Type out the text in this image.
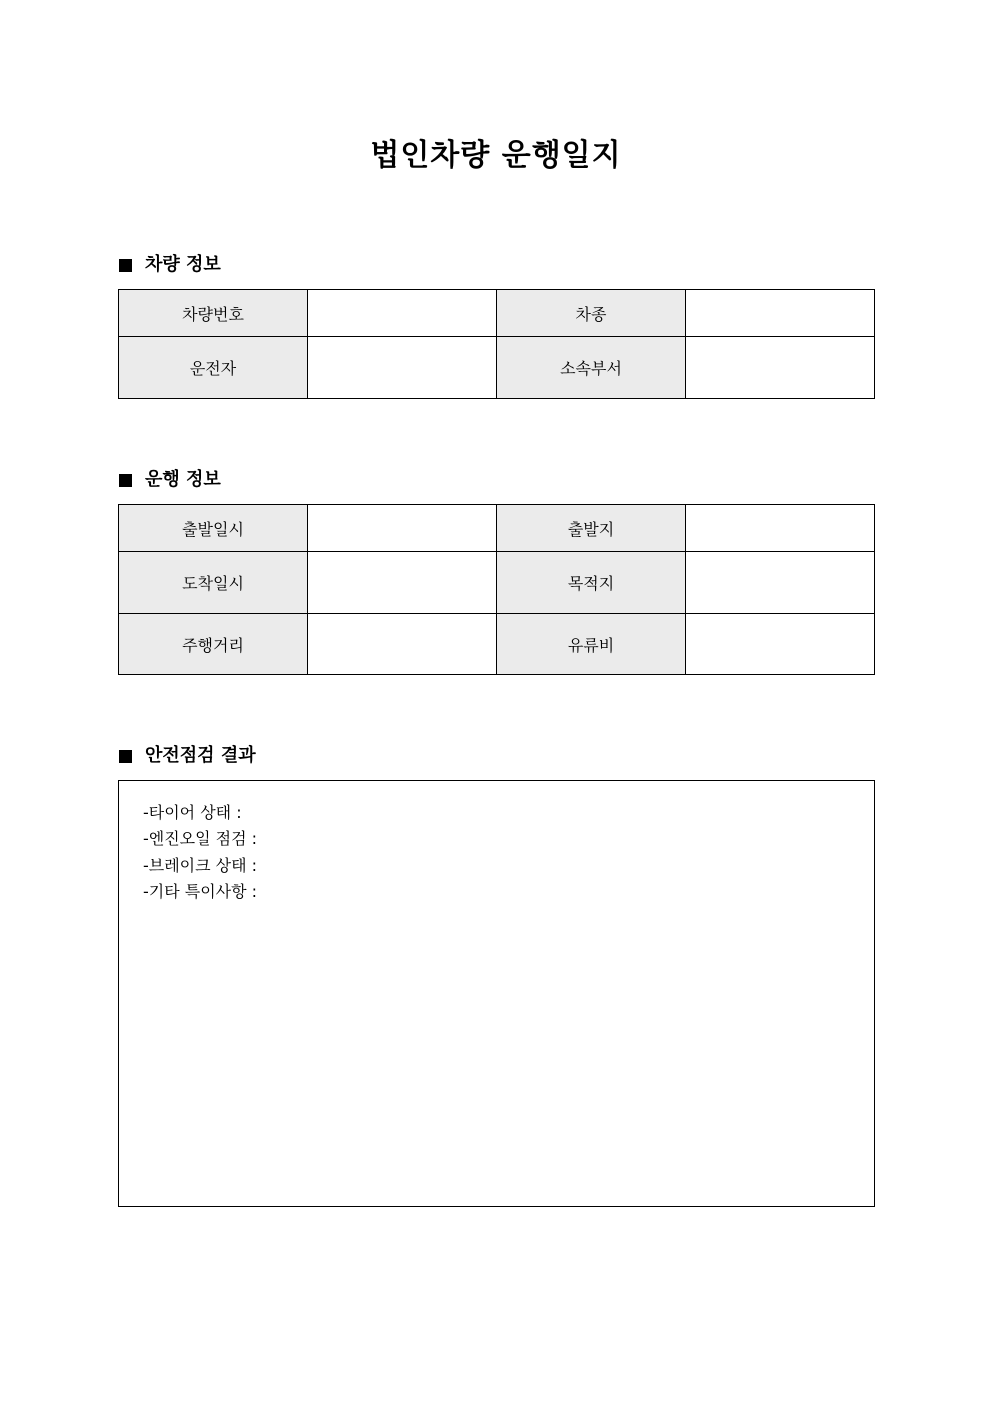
법인차량 운행일지
차량 정보
차량번호		차종	
운전자		소속부서	
운행 정보
출발일시		출발지	
도착일시		목적지	
주행거리		유류비	
안전점검 결과
-타이어 상태 :
-엔진오일 점검 :
-브레이크 상태 :
-기타 특이사항 :
